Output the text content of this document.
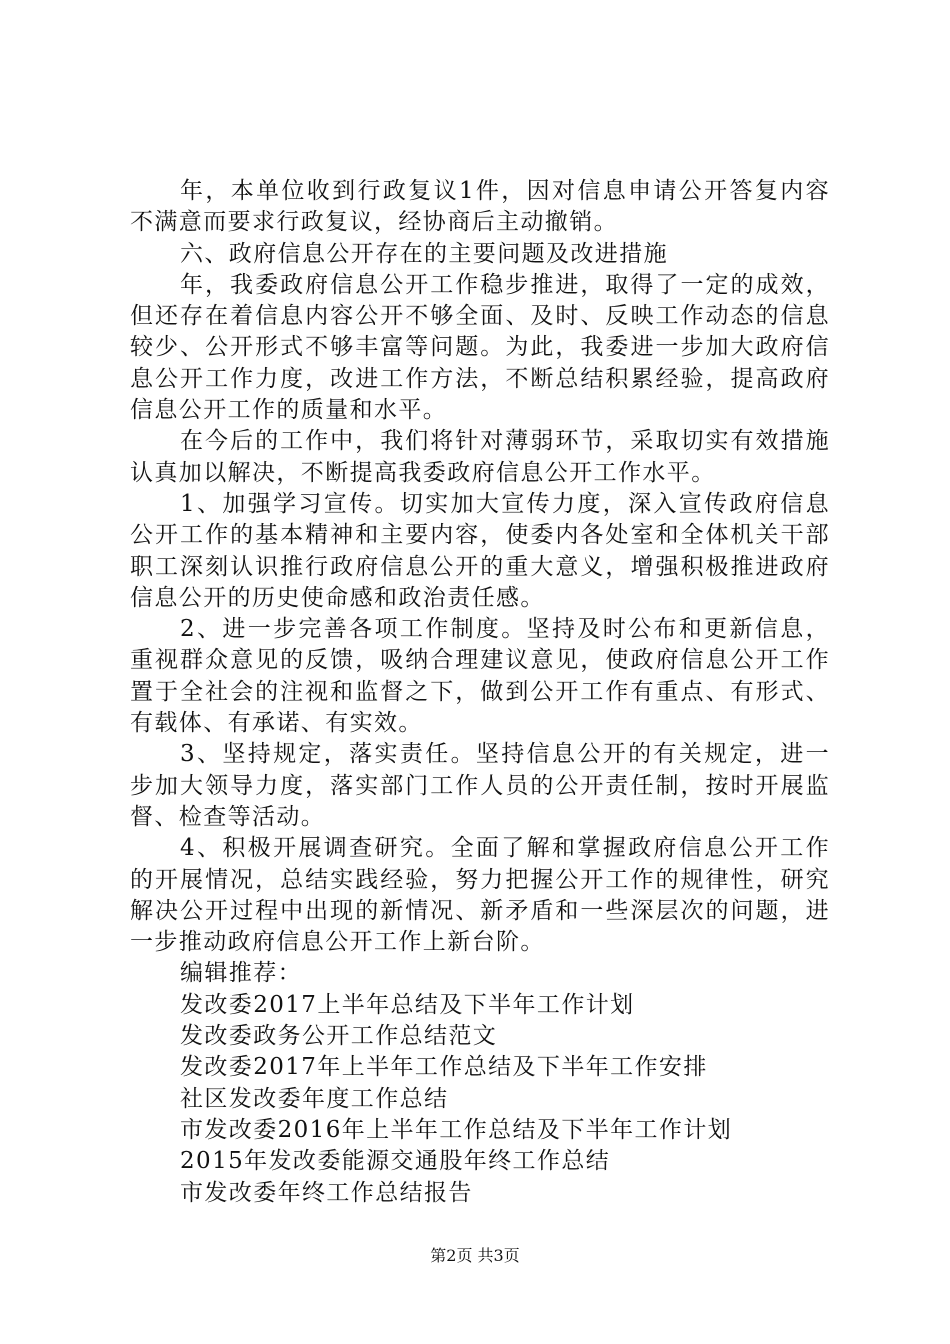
年，本单位收到行政复议1件，因对信息申请公开答复内容不满意而要求行政复议，经协商后主动撤销。

六、政府信息公开存在的主要问题及改进措施

年，我委政府信息公开工作稳步推进，取得了一定的成效，但还存在着信息内容公开不够全面、及时、反映工作动态的信息较少、公开形式不够丰富等问题。为此，我委进一步加大政府信息公开工作力度，改进工作方法，不断总结积累经验，提高政府信息公开工作的质量和水平。

在今后的工作中，我们将针对薄弱环节，采取切实有效措施认真加以解决，不断提高我委政府信息公开工作水平。

1、加强学习宣传。切实加大宣传力度，深入宣传政府信息公开工作的基本精神和主要内容，使委内各处室和全体机关干部职工深刻认识推行政府信息公开的重大意义，增强积极推进政府信息公开的历史使命感和政治责任感。

2、进一步完善各项工作制度。坚持及时公布和更新信息，重视群众意见的反馈，吸纳合理建议意见，使政府信息公开工作置于全社会的注视和监督之下，做到公开工作有重点、有形式、有载体、有承诺、有实效。

3、坚持规定，落实责任。坚持信息公开的有关规定，进一步加大领导力度，落实部门工作人员的公开责任制，按时开展监督、检查等活动。

4、积极开展调查研究。全面了解和掌握政府信息公开工作的开展情况，总结实践经验，努力把握公开工作的规律性，研究解决公开过程中出现的新情况、新矛盾和一些深层次的问题，进一步推动政府信息公开工作上新台阶。

编辑推荐：

发改委2017上半年总结及下半年工作计划
发改委政务公开工作总结范文
发改委2017年上半年工作总结及下半年工作安排
社区发改委年度工作总结
市发改委2016年上半年工作总结及下半年工作计划
2015年发改委能源交通股年终工作总结
市发改委年终工作总结报告
第2页 共3页
